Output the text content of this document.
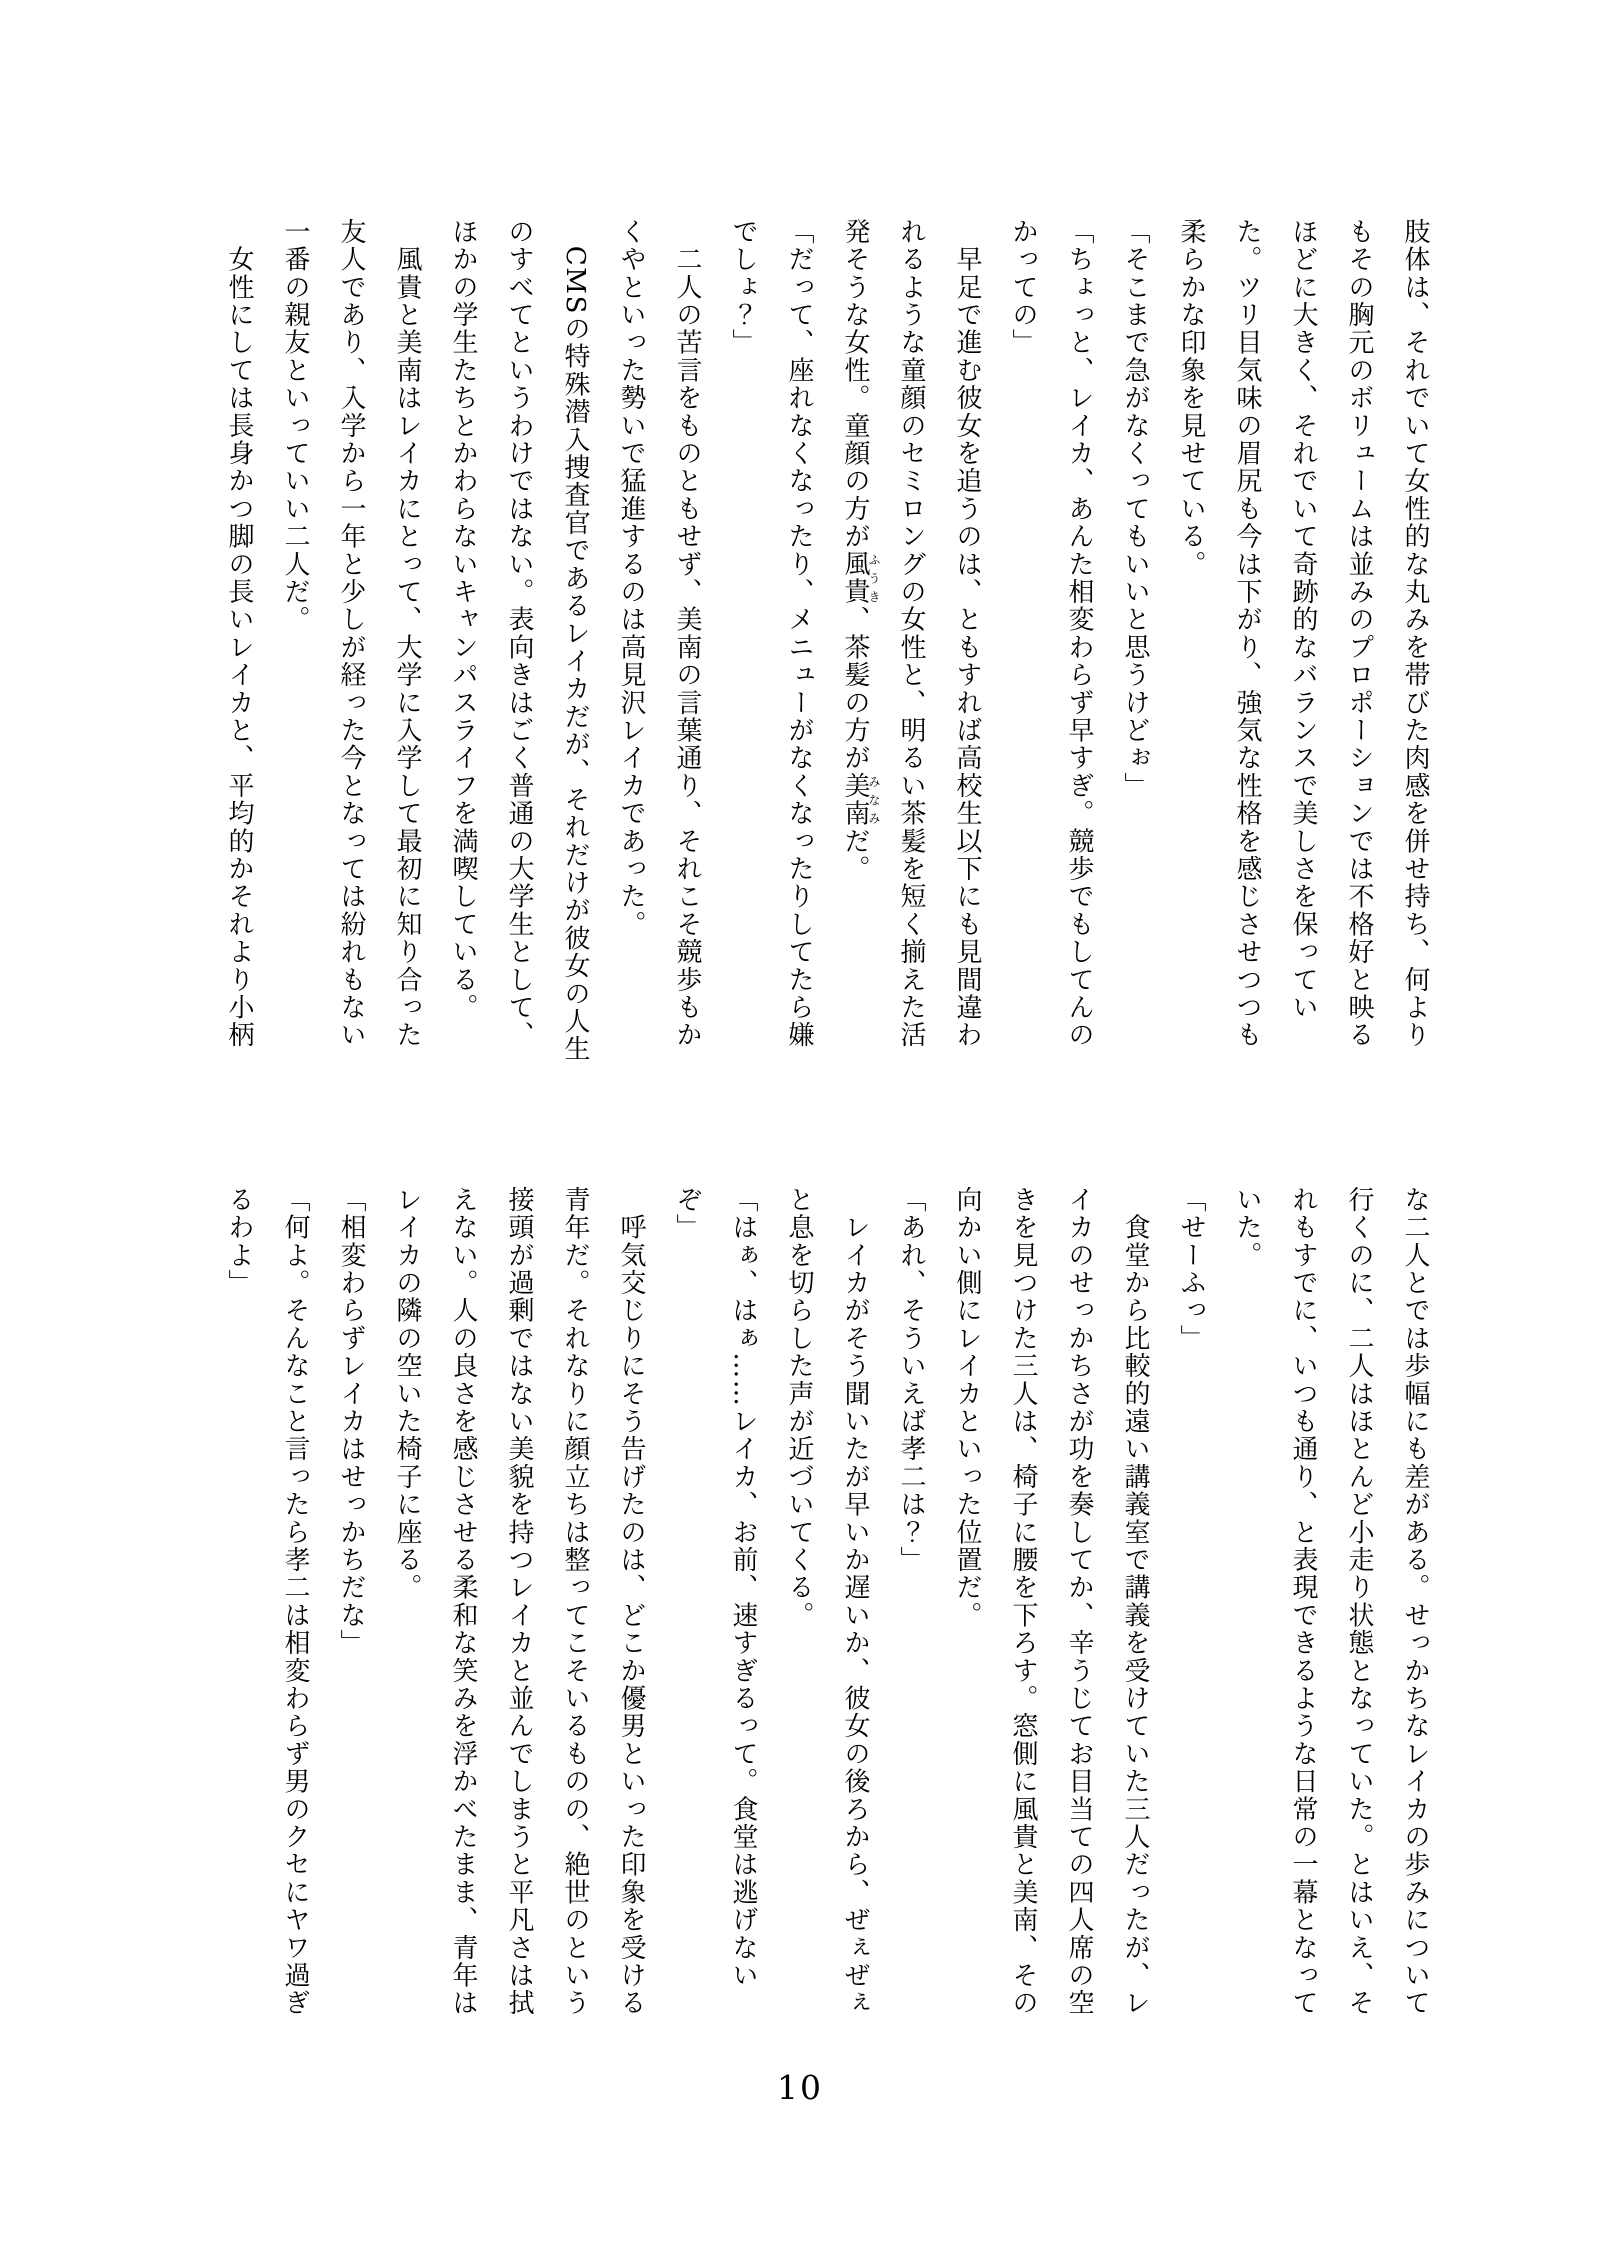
肢体は、それでいて女性的な丸みを帯びた肉感を併せ持ち、何より
もその胸元のボリュームは並みのプロポーションでは不格好と映る
ほどに大きく、それでいて奇跡的なバランスで美しさを保ってい
た。ツリ目気味の眉尻も今は下がり、強気な性格を感じさせつつも
柔らかな印象を見せている。
「そこまで急がなくってもいいと思うけどぉ」
「ちょっと、レイカ、あんた相変わらず早すぎ。競歩でもしてんの
かっての」
　早足で進む彼女を追うのは、ともすれば高校生以下にも見間違わ
れるような童顔のセミロングの女性と、明るい茶髪を短く揃えた活
発そうな女性。童顔の方が風貴ふうき、茶髪の方が美南みなみだ。
「だって、座れなくなったり、メニューがなくなったりしてたら嫌
でしょ？」
　二人の苦言をものともせず、美南の言葉通り、それこそ競歩もか
くやといった勢いで猛進するのは高見沢レイカであった。
　CMSの特殊潜入捜査官であるレイカだが、それだけが彼女の人生
のすべてというわけではない。表向きはごく普通の大学生として、
ほかの学生たちとかわらないキャンパスライフを満喫している。
　風貴と美南はレイカにとって、大学に入学して最初に知り合った
友人であり、入学から一年と少しが経った今となっては紛れもない
一番の親友といっていい二人だ。
　女性にしては長身かつ脚の長いレイカと、平均的かそれより小柄
な二人とでは歩幅にも差がある。せっかちなレイカの歩みについて
行くのに、二人はほとんど小走り状態となっていた。とはいえ、そ
れもすでに、いつも通り、と表現できるような日常の一幕となって
いた。
「せーふっ」
　食堂から比較的遠い講義室で講義を受けていた三人だったが、レ
イカのせっかちさが功を奏してか、辛うじてお目当ての四人席の空
きを見つけた三人は、椅子に腰を下ろす。窓側に風貴と美南、その
向かい側にレイカといった位置だ。
「あれ、そういえば孝二は？」
　レイカがそう聞いたが早いか遅いか、彼女の後ろから、ぜぇぜぇ
と息を切らした声が近づいてくる。
「はぁ、はぁ……レイカ、お前、速すぎるって。食堂は逃げない
ぞ」
　呼気交じりにそう告げたのは、どこか優男といった印象を受ける
青年だ。それなりに顔立ちは整ってこそいるものの、絶世のという
接頭が過剰ではない美貌を持つレイカと並んでしまうと平凡さは拭
えない。人の良さを感じさせる柔和な笑みを浮かべたまま、青年は
レイカの隣の空いた椅子に座る。
「相変わらずレイカはせっかちだな」
「何よ。そんなこと言ったら孝二は相変わらず男のクセにヤワ過ぎ
るわよ」
10
